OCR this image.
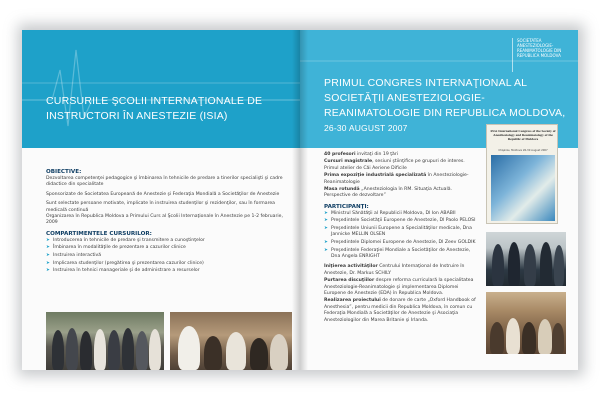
CURSURILE ŞCOLII INTERNAŢIONALE DE INSTRUCTORI ÎN ANESTEZIE (ISIA)
OBIECTIVE:
Dezvoltarea competenţei pedagogice şi îmbinarea în tehnicile de predare a tinerilor specialişti şi cadre didactice din specialitate
Sponsorizate de Societatea Europeană de Anestezie şi Federaţia Mondială a Societăţilor de Anestezie
Sunt selectate persoane motivate, implicate în instruirea studenţilor şi rezidenţilor, sau în formarea medicală continuă
Organizarea în Republica Moldova a Primului Curs al Şcolii Internaţionale în Anestezie pe 1-2 februarie, 2009
COMPARTIMENTELE CURSURILOR:
➤ Introducerea în tehnicile de predare şi transmitere a cunoştinţelor
➤ Îmbinarea în modalităţile de prezentare a cazurilor clinice
➤ Instruirea interactivă
➤ Implicarea studenţilor (pregătirea şi prezentarea cazurilor clinice)
➤ Instruirea în tehnici manageriale şi de administrare a resurselor
SOCIETATEA ANESTEZIOLOGIE-REANIMATOLOGIE DIN REPUBLICA MOLDOVA
PRIMUL CONGRES INTERNAŢIONAL AL SOCIETĂŢII ANESTEZIOLOGIE-REANIMATOLOGIE DIN REPUBLICA MOLDOVA, 26-30 AUGUST 2007
40 profesori invitaţi din 19 ţări
Cursuri magistrale, sesiuni ştiinţifice pe grupuri de interes. Primul atelier de Căi Aeriene Dificile
Prima expoziţie industrială specializată în Anesteziologie-Reanimatologie
Masa rotundă „Anesteziologia în RM. Situaţia Actuală. Perspective de dezvoltare”
PARTICIPANŢI:
➤ Ministrul Sănătăţii al Republicii Moldova, Dl Ion ABABII
➤ Preşedintele Societăţii Europene de Anestezie, Dl Paolo PELOSI
➤ Preşedintele Uniunii Europene a Specialităţilor medicale, Dna Jannicke MELLIN OLSEN
➤ Preşedintele Diplomei Europene de Anestezie, Dl Zeev GOLDIK
➤ Preşedintele Federaţiei Mondiale a Societăţilor de Anestezie, Dna Angela ENRIGHT
Iniţierea activităţilor Centrului Internaţional de Instruire în Anestezie, Dr. Markus SCHILY
Purtarea discuţiilor despre reforma curriculară la specialitatea Anesteziologie-Reanimatologie şi implementarea Diplomei Europene de Anestezie (EDA) în Republica Moldova.
Realizarea proiectului de donare de carte „Oxford Handbook of Anesthesia”, pentru medicii din Republica Moldova, în comun cu Federaţia Mondială a Societăţilor de Anestezie şi Asociaţia Anesteziologilor din Marea Britanie şi Irlanda.
First International Congress of the Society of Anesthesiology and Reanimatology of the Republic of Moldova
Chişinău, Moldova 26-30 August 2007
